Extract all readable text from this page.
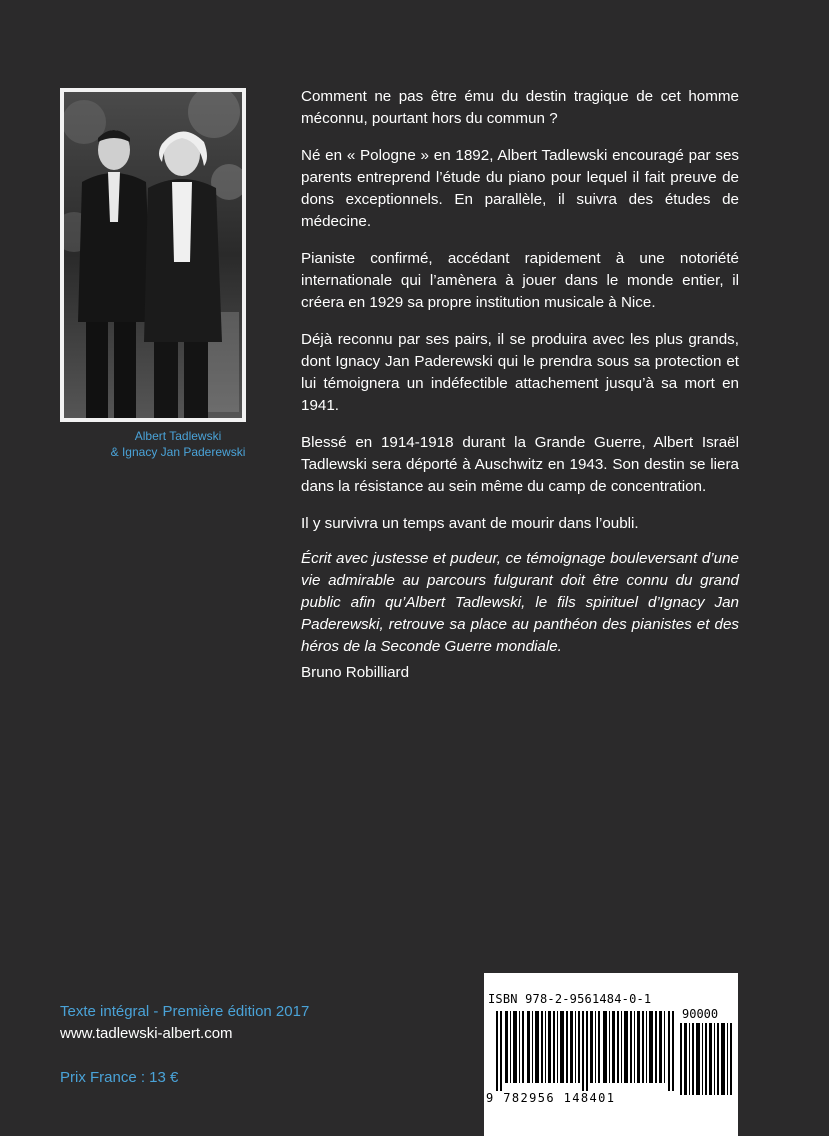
Albert Tadlewski
& Ignacy Jan Paderewski

Comment ne pas être ému du destin tragique de cet homme méconnu, pourtant hors du commun ?

Né en « Pologne » en 1892, Albert Tadlewski encouragé par ses parents entreprend l’étude du piano pour lequel il fait preuve de dons exceptionnels. En parallèle, il suivra des études de médecine.

Pianiste confirmé, accédant rapidement à une notoriété internationale qui l’amènera à jouer dans le monde entier, il créera en 1929 sa propre institution musicale à Nice.

Déjà reconnu par ses pairs, il se produira avec les plus grands, dont Ignacy Jan Paderewski qui le prendra sous sa protection et lui témoignera un indéfectible attachement jusqu’à sa mort en 1941.

Blessé en 1914-1918 durant la Grande Guerre, Albert Israël Tadlewski sera déporté à Auschwitz en 1943. Son destin se liera dans la résistance au sein même du camp de concentration.

Il y survivra un temps avant de mourir dans l’oubli.

Écrit avec justesse et pudeur, ce témoignage bouleversant d’une vie admirable au parcours fulgurant doit être connu du grand public afin qu’Albert Tadlewski, le fils spirituel d’Ignacy Jan Paderewski, retrouve sa place au panthéon des pianistes et des héros de la Seconde Guerre mondiale.

Bruno Robilliard

Texte intégral - Première édition 2017
www.tadlewski-albert.com
Prix France : 13 €
ISBN 978-2-9561484-0-1
90000
9 782956 148401
